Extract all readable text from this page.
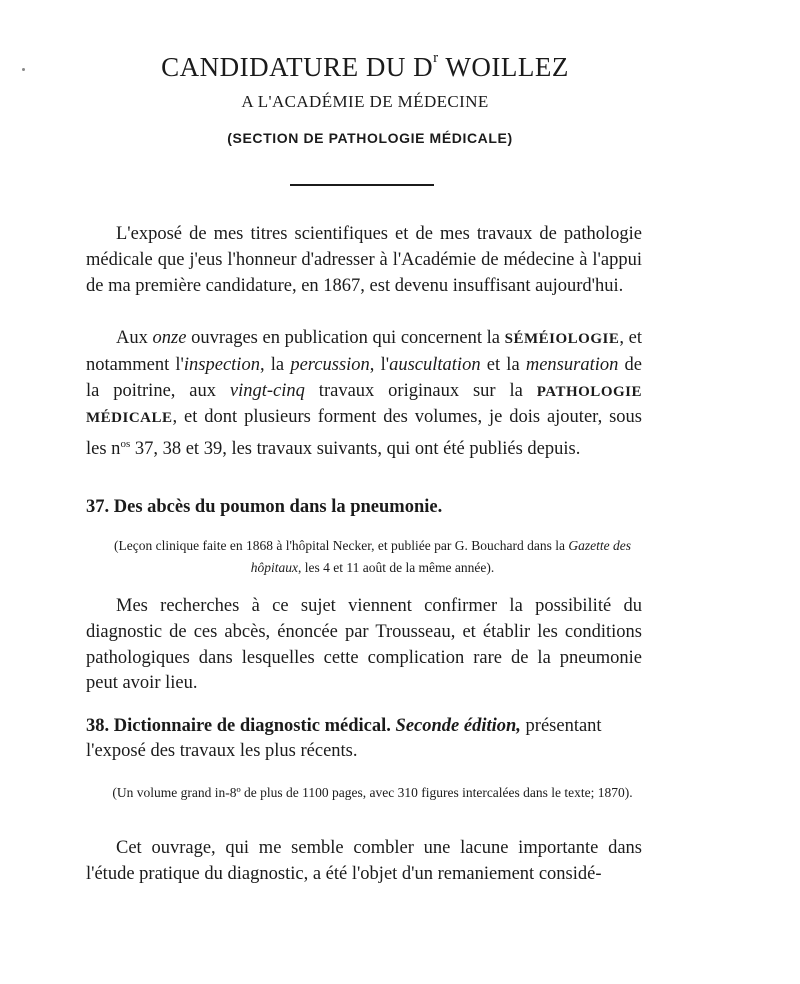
CANDIDATURE DU $D^r$ WOILLEZ

A L'ACADÉMIE DE MÉDECINE

(SECTION DE PATHOLOGIE MÉDICALE)

L'exposé de mes titres scientifiques et de mes travaux de pathologie médicale que j'eus l'honneur d'adresser à l'Académie de médecine à l'appui de ma première candidature, en 1867, est devenu insuffisant aujourd'hui.

Aux onze ouvrages en publication qui concernent la SÉMÉIOLOGIE, et notamment l'inspection, la percussion, l'auscultation et la mensuration de la poitrine, aux vingt-cinq travaux originaux sur la PATHOLOGIE MÉDICALE, et dont plusieurs forment des volumes, je dois ajouter, sous les $n^{os}$ 37, 38 et 39, les travaux suivants, qui ont été publiés depuis.

37. Des abcès du poumon dans la pneumonie.

(Leçon clinique faite en 1868 à l'hôpital Necker, et publiée par G. Bouchard dans la Gazette des hôpitaux, les 4 et 11 août de la même année).

Mes recherches à ce sujet viennent confirmer la possibilité du diagnostic de ces abcès, énoncée par Trousseau, et établir les conditions pathologiques dans lesquelles cette complication rare de la pneumonie peut avoir lieu.

38. Dictionnaire de diagnostic médical. Seconde édition, présentant l'exposé des travaux les plus récents.

(Un volume grand in-8º de plus de 1100 pages, avec 310 figures intercalées dans le texte; 1870).

Cet ouvrage, qui me semble combler une lacune importante dans l'étude pratique du diagnostic, a été l'objet d'un remaniement considé-
